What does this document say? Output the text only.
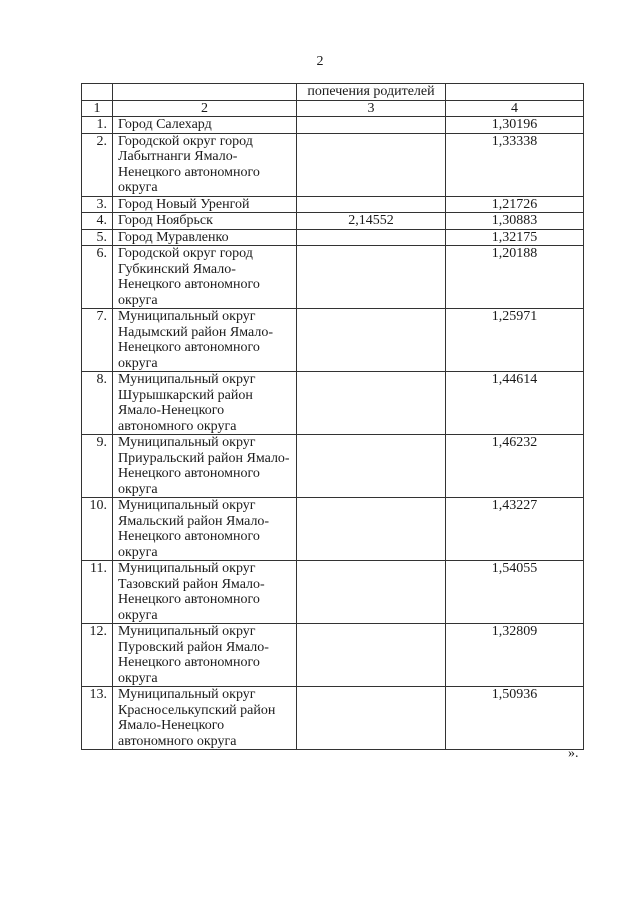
2
		попечения родителей	
1	2	3	4
1.	Город Салехард		1,30196
2.	Городской округ город Лабытнанги Ямало-Ненецкого автономного округа		1,33338
3.	Город Новый Уренгой		1,21726
4.	Город Ноябрьск	2,14552	1,30883
5.	Город Муравленко		1,32175
6.	Городской округ город Губкинский Ямало-Ненецкого автономного округа		1,20188
7.	Муниципальный округ Надымский район Ямало-Ненецкого автономного округа		1,25971
8.	Муниципальный округ Шурышкарский район Ямало-Ненецкого автономного округа		1,44614
9.	Муниципальный округ Приуральский район Ямало-Ненецкого автономного округа		1,46232
10.	Муниципальный округ Ямальский район Ямало-Ненецкого автономного округа		1,43227
11.	Муниципальный округ Тазовский район Ямало-Ненецкого автономного округа		1,54055
12.	Муниципальный округ Пуровский район Ямало-Ненецкого автономного округа		1,32809
13.	Муниципальный округ Красноселькупский район Ямало-Ненецкого автономного округа		1,50936
».
